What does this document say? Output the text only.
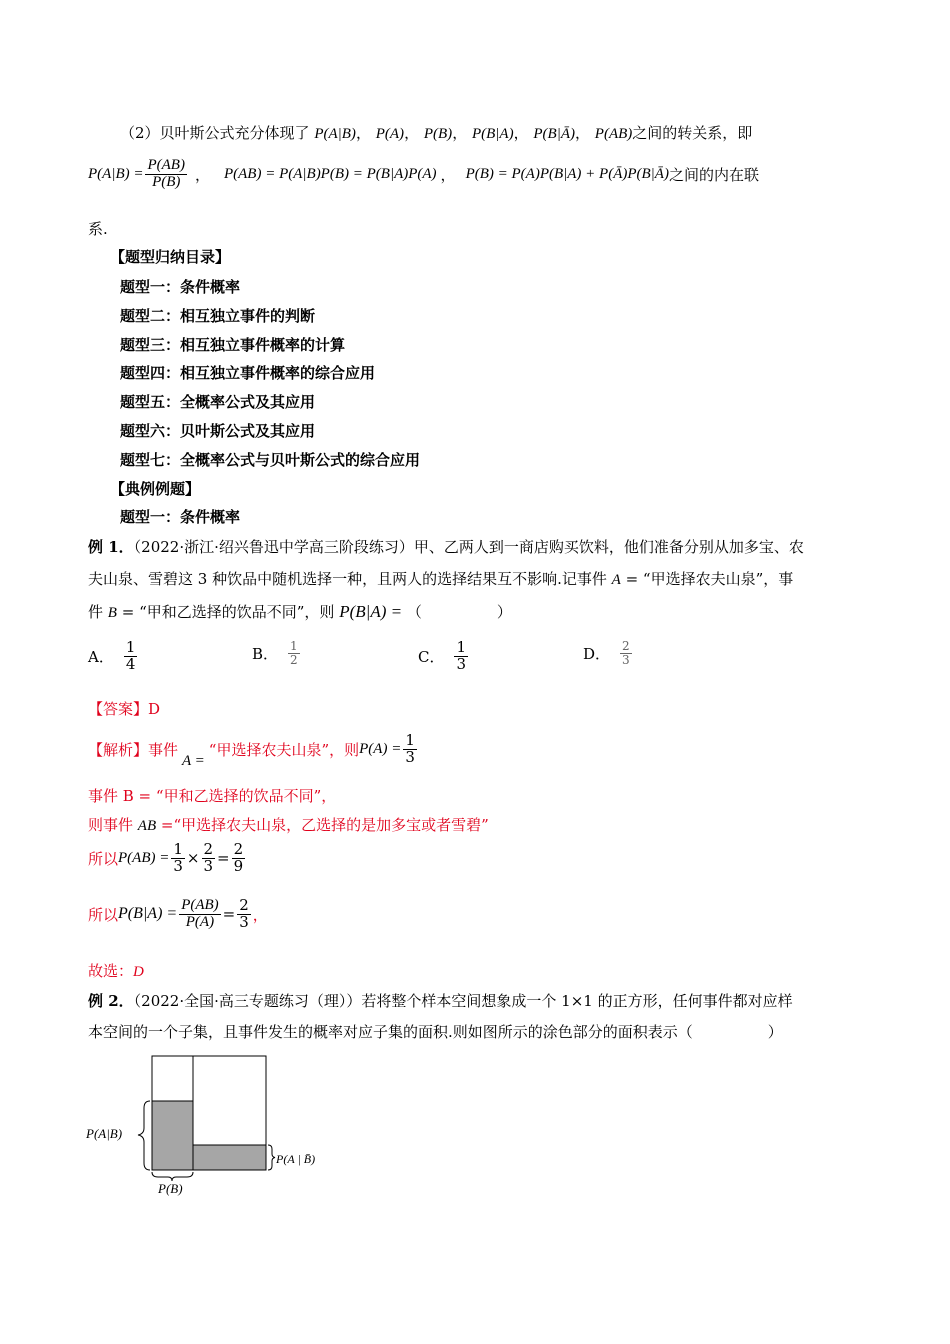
（2）贝叶斯公式充分体现了 P(A|B)， P(A)， P(B)， P(B|A)， P(B|Ā)， P(AB)之间的转关系，即
$P(A|B) = \frac{P(AB)}{P(B)}$ ， P(AB) = P(A|B)P(B) = P(B|A)P(A) ， P(B) = P(A)P(B|A) + P(Ā)P(B|Ā) 之间的内在联
系.
【题型归纳目录】
题型一：条件概率
题型二：相互独立事件的判断
题型三：相互独立事件概率的计算
题型四：相互独立事件概率的综合应用
题型五：全概率公式及其应用
题型六：贝叶斯公式及其应用
题型七：全概率公式与贝叶斯公式的综合应用
【典例例题】
题型一：条件概率
例 1．（2022·浙江·绍兴鲁迅中学高三阶段练习）甲、乙两人到一商店购买饮料，他们准备分别从加多宝、农
夫山泉、雪碧这 3 种饮品中随机选择一种，且两人的选择结果互不影响.记事件 A = “甲选择农夫山泉”，事
件 B = “甲和乙选择的饮品不同”，则 P(B|A) = （　　　　　）
A． $\frac{1}{4}$	B． $\frac{1}{2}$	C． $\frac{1}{3}$	D． $\frac{2}{3}$
【答案】D
【解析】 事件
A =
“甲选择农夫山泉”，则 $P(A) = \frac{1}{3}$
事件 B = “甲和乙选择的饮品不同”，
则事件 AB =“甲选择农夫山泉，乙选择的是加多宝或者雪碧”
所以 $P(AB) = \frac{1}{3} \times \frac{2}{3} = \frac{2}{9}$
所以 $P(B|A) = \frac{P(AB)}{P(A)} = \frac{2}{3}$ ，
故选：D
例 2．（2022·全国·高三专题练习（理））若将整个样本空间想象成一个 1×1 的正方形，任何事件都对应样
本空间的一个子集，且事件发生的概率对应子集的面积.则如图所示的涂色部分的面积表示（　　　　　）
P(A|B)
P(A | B̄)
P(B)
